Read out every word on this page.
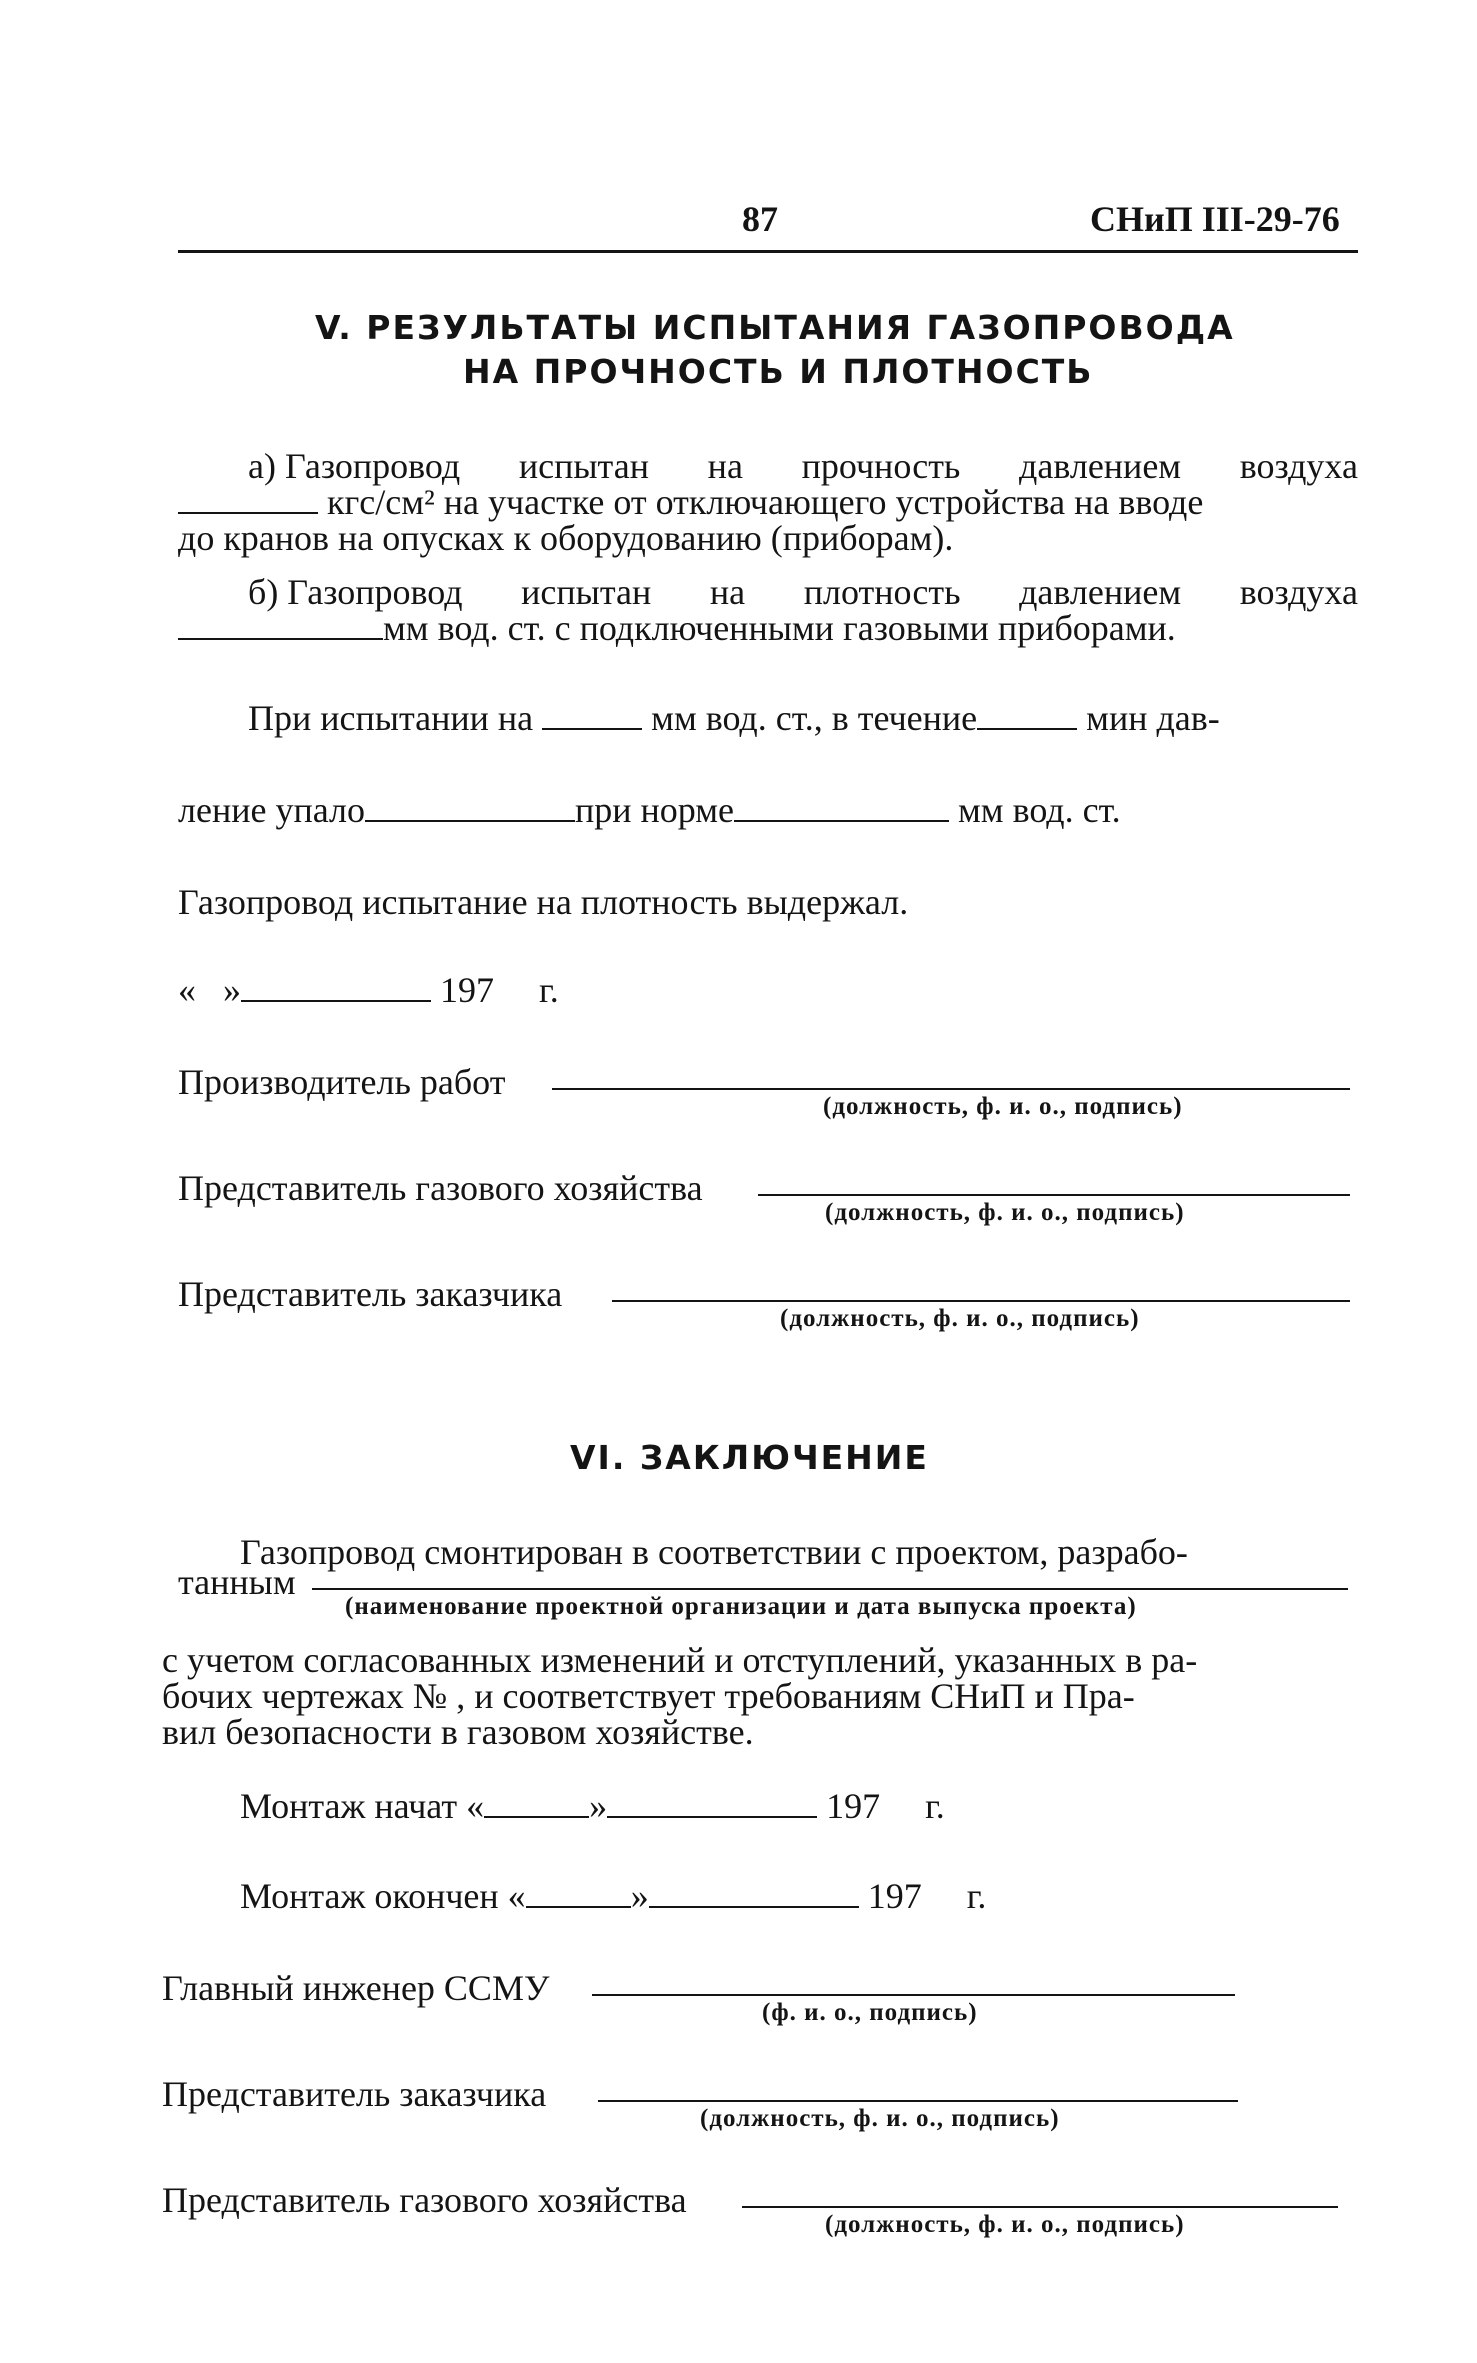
87	СНиП III-29-76
V. РЕЗУЛЬТАТЫ ИСПЫТАНИЯ ГАЗОПРОВОДА
НА ПРОЧНОСТЬ И ПЛОТНОСТЬ
а) Газопровод испытан на прочность давлением воздуха
кгс/см² на участке от отключающего устройства на вводе
до кранов на опусках к оборудованию (приборам).
б) Газопровод испытан на плотность давлением воздуха
мм вод. ст. с подключенными газовыми приборами.
При испытании на	мм вод. ст., в течение	мин дав-
ление упало	при норме	мм вод. ст.
Газопровод испытание на плотность выдержал.
« »	197 г.
Производитель работ
(должность, ф. и. о., подпись)
Представитель газового хозяйства
(должность, ф. и. о., подпись)
Представитель заказчика
(должность, ф. и. о., подпись)
VI. ЗАКЛЮЧЕНИЕ
Газопровод смонтирован в соответствии с проектом, разрабо-
танным
(наименование проектной организации и дата выпуска проекта)
с учетом согласованных изменений и отступлений, указанных в ра-
бочих чертежах № , и соответствует требованиям СНиП и Пра-
вил безопасности в газовом хозяйстве.
Монтаж начат «	»	197 г.
Монтаж окончен «	»	197 г.
Главный инженер ССМУ
(ф. и. о., подпись)
Представитель заказчика
(должность, ф. и. о., подпись)
Представитель газового хозяйства
(должность, ф. и. о., подпись)
